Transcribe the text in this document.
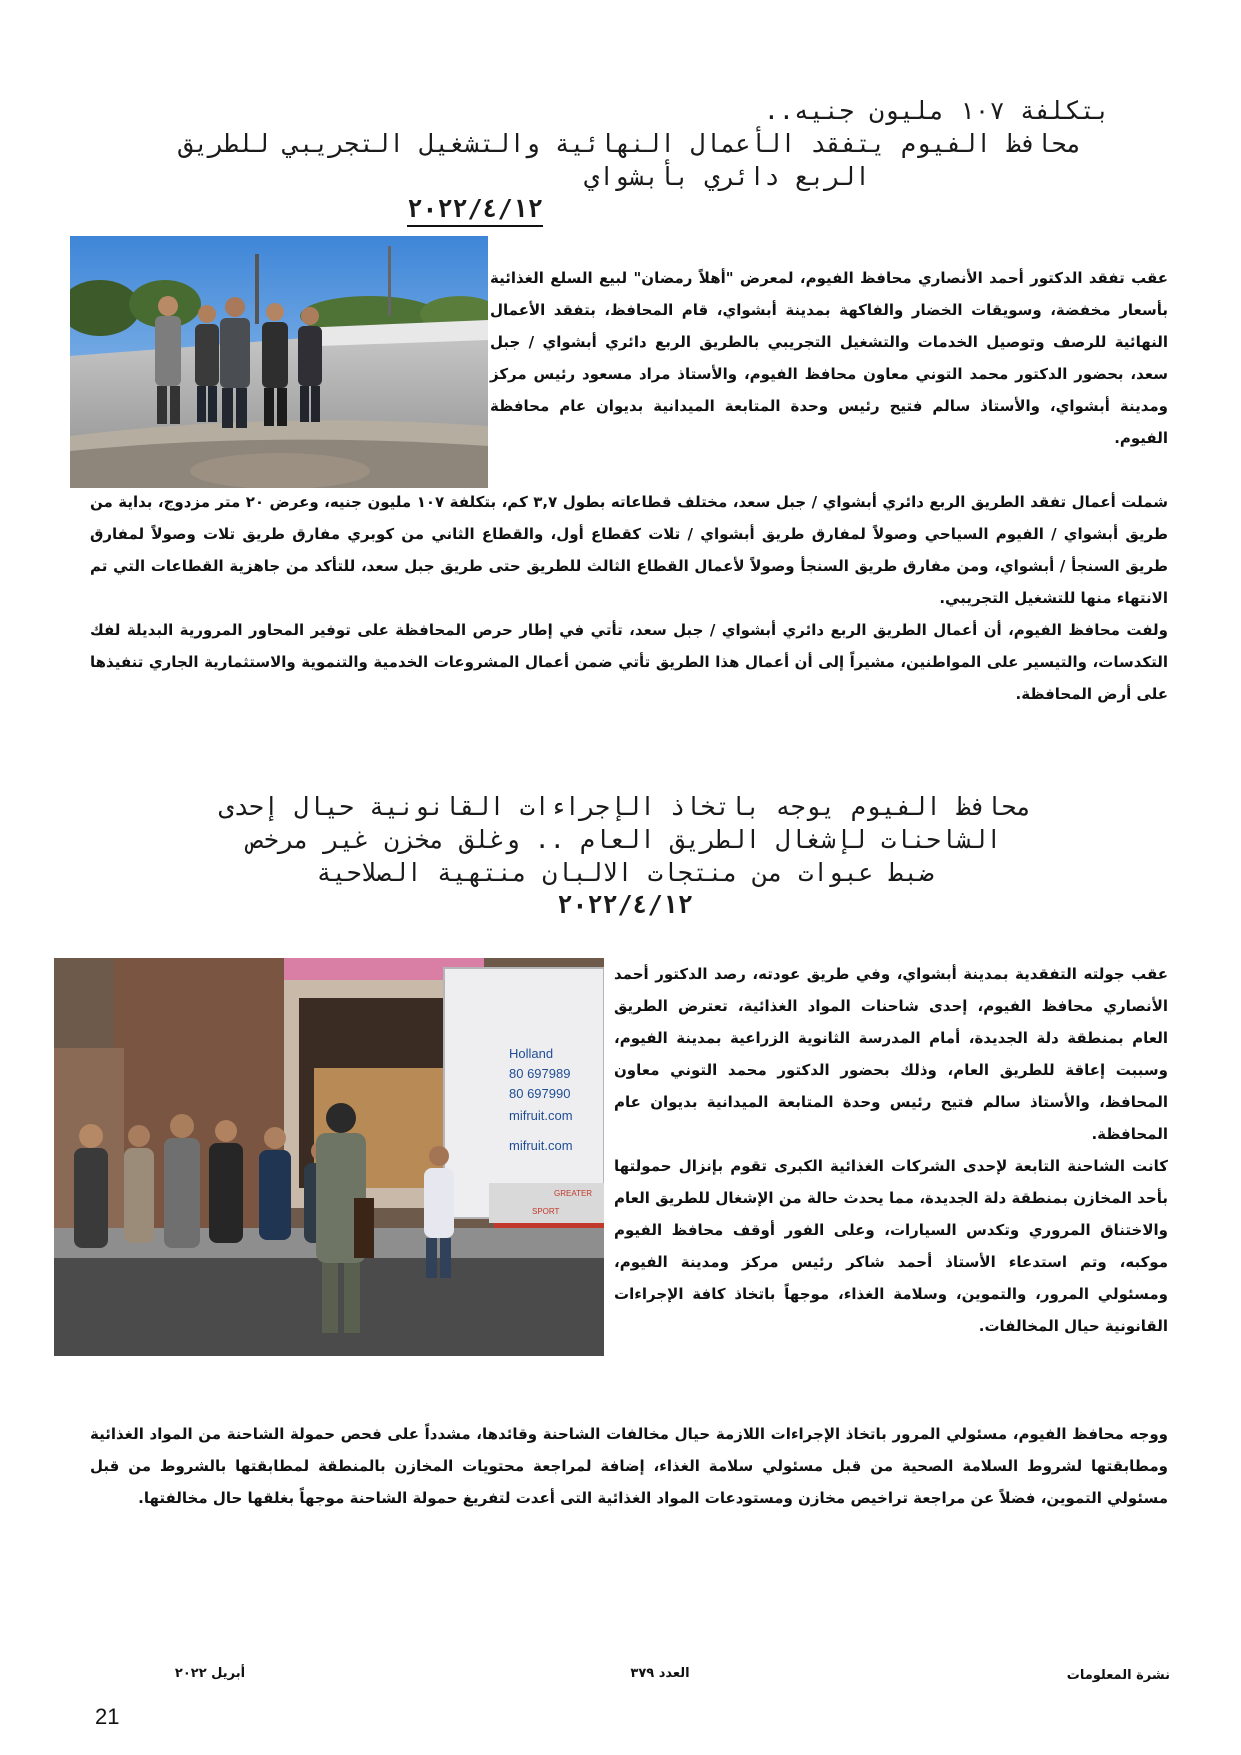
بتكلفة ١٠٧ مليون جنيه..
محافظ الفيوم يتفقد الأعمال النهائية والتشغيل التجريبي للطريق
الربع دائري بأبشواي
٢٠٢٢/٤/١٢

عقب تفقد الدكتور أحمد الأنصاري محافظ الفيوم، لمعرض "أهلاً رمضان" لبيع السلع الغذائية بأسعار مخفضة، وسويقات الخضار والفاكهة بمدينة أبشواي، قام المحافظ، بتفقد الأعمال النهائية للرصف وتوصيل الخدمات والتشغيل التجريبي بالطريق الربع دائري أبشواي / جبل سعد، بحضور الدكتور محمد التوني معاون محافظ الفيوم، والأستاذ مراد مسعود رئيس مركز ومدينة أبشواي، والأستاذ سالم فتيح رئيس وحدة المتابعة الميدانية بديوان عام محافظة الفيوم.

شملت أعمال تفقد الطريق الربع دائري أبشواي / جبل سعد، مختلف قطاعاته بطول ٣,٧ كم، بتكلفة ١٠٧ مليون جنيه، وعرض ٢٠ متر مزدوج، بداية من طريق أبشواي / الفيوم السياحي وصولاً لمفارق طريق أبشواي / تلات كقطاع أول، والقطاع الثاني من كوبري مفارق طريق تلات وصولاً لمفارق طريق السنجأ / أبشواي، ومن مفارق طريق السنجأ وصولاً لأعمال القطاع الثالث للطريق حتى طريق جبل سعد، للتأكد من جاهزية القطاعات التي تم الانتهاء منها للتشغيل التجريبي.

ولفت محافظ الفيوم، أن أعمال الطريق الربع دائري أبشواي / جبل سعد، تأتي في إطار حرص المحافظة على توفير المحاور المرورية البديلة لفك التكدسات، والتيسير على المواطنين، مشيراً إلى أن أعمال هذا الطريق تأتي ضمن أعمال المشروعات الخدمية والتنموية والاستثمارية الجاري تنفيذها على أرض المحافظة.

محافظ الفيوم يوجه باتخاذ الإجراءات القانونية حيال إحدى
الشاحنات لإشغال الطريق العام .. وغلق مخزن غير مرخص
ضبط عبوات من منتجات الالبان منتهية الصلاحية
٢٠٢٢/٤/١٢
Holland
80 697989
80 697990
mifruit.com
mifruit.com
GREATER
SPORT

عقب جولته التفقدية بمدينة أبشواي، وفي طريق عودته، رصد الدكتور أحمد الأنصاري محافظ الفيوم، إحدى شاحنات المواد الغذائية، تعترض الطريق العام بمنطقة دلة الجديدة، أمام المدرسة الثانوية الزراعية بمدينة الفيوم، وسببت إعاقة للطريق العام، وذلك بحضور الدكتور محمد التوني معاون المحافظ، والأستاذ سالم فتيح رئيس وحدة المتابعة الميدانية بديوان عام المحافظة.

كانت الشاحنة التابعة لإحدى الشركات الغذائية الكبرى تقوم بإنزال حمولتها بأحد المخازن بمنطقة دلة الجديدة، مما يحدث حالة من الإشغال للطريق العام والاختناق المروري وتكدس السيارات، وعلى الفور أوقف محافظ الفيوم موكبه، وتم استدعاء الأستاذ أحمد شاكر رئيس مركز ومدينة الفيوم، ومسئولي المرور، والتموين، وسلامة الغذاء، موجهاً باتخاذ كافة الإجراءات القانونية حيال المخالفات.

ووجه محافظ الفيوم، مسئولي المرور باتخاذ الإجراءات اللازمة حيال مخالفات الشاحنة وقائدها، مشدداً على فحص حمولة الشاحنة من المواد الغذائية ومطابقتها لشروط السلامة الصحية من قبل مسئولي سلامة الغذاء، إضافة لمراجعة محتويات المخازن بالمنطقة لمطابقتها بالشروط من قبل مسئولي التموين، فضلاً عن مراجعة تراخيص مخازن ومستودعات المواد الغذائية التى أعدت لتفريغ حمولة الشاحنة موجهاً بغلقها حال مخالفتها.

نشرة المعلومات
العدد ٣٧٩
أبريل ٢٠٢٢
21
